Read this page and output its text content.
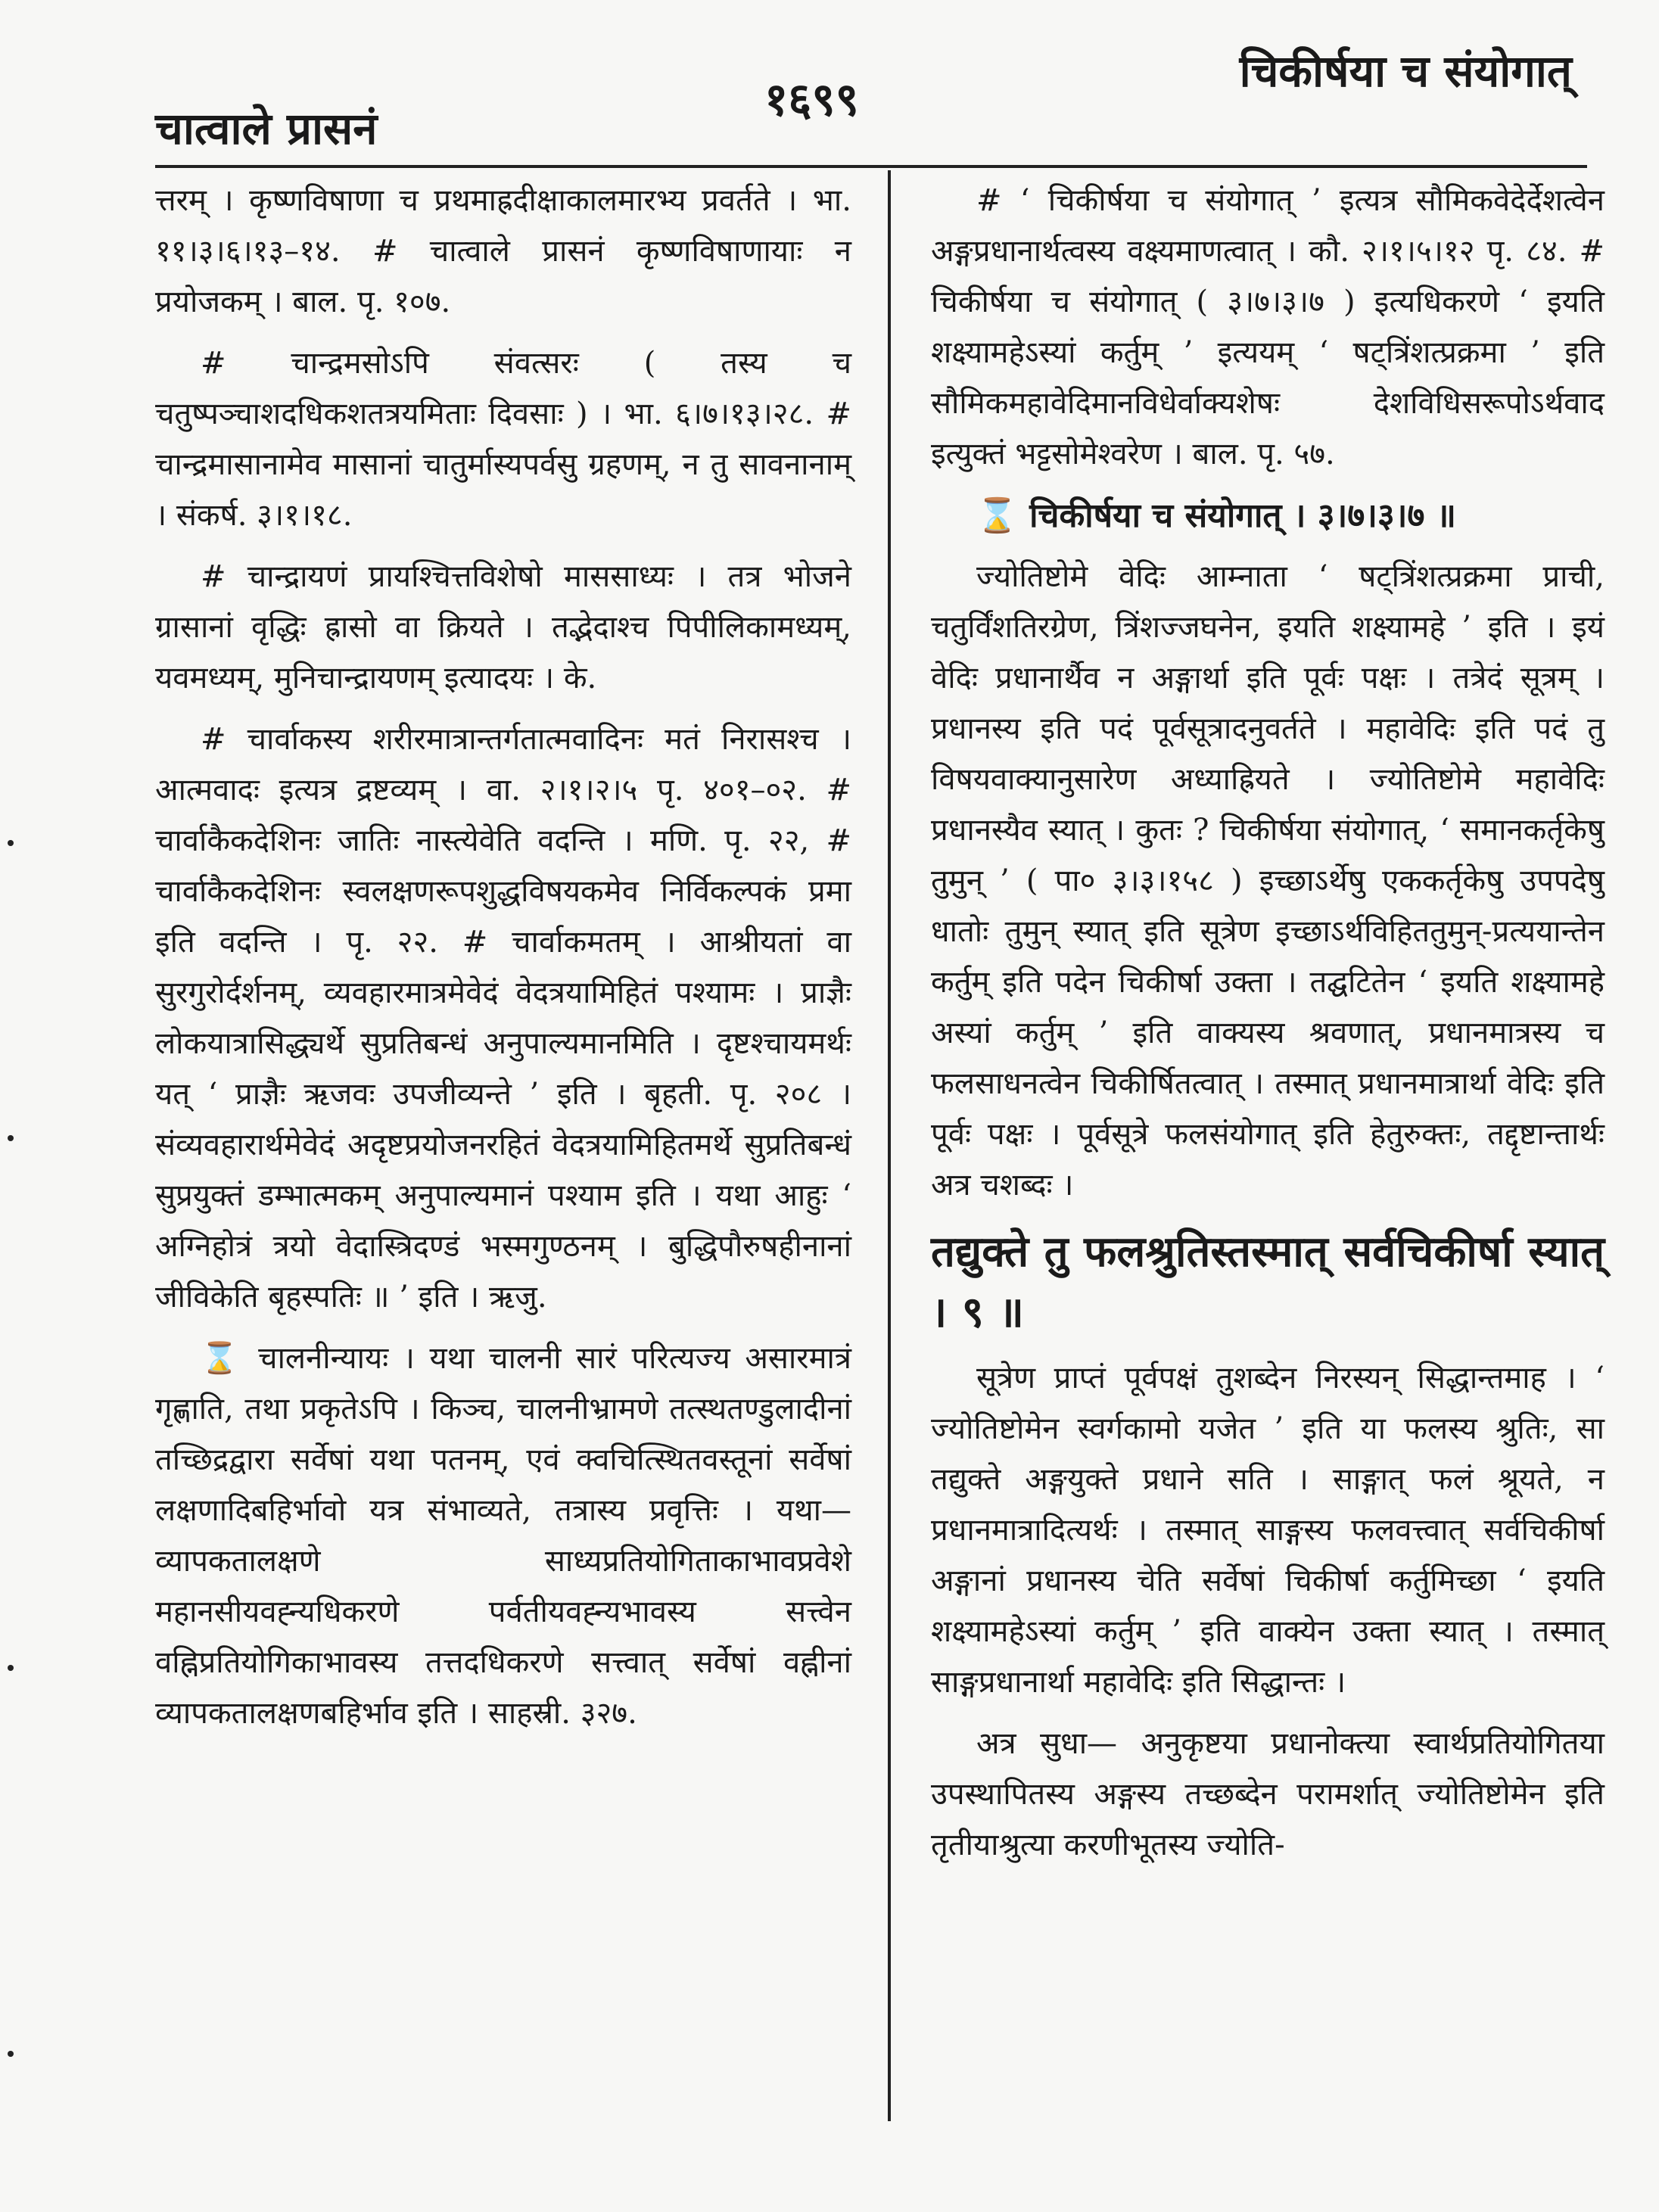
चात्वाले प्रासनं
१६९९
चिकीर्षया च संयोगात्

त्तरम् । कृष्णविषाणा च प्रथमाह्रदीक्षाकालमारभ्य प्रवर्तते । भा. ११।३।६।१३–१४. # चात्वाले प्रासनं कृष्णविषाणायाः न प्रयोजकम् । बाल. पृ. १०७.

# चान्द्रमसोऽपि संवत्सरः ( तस्य च चतुष्पञ्चाशदधिकशतत्रयमिताः दिवसाः ) । भा. ६।७।१३।२८. # चान्द्रमासानामेव मासानां चातुर्मास्यपर्वसु ग्रहणम्, न तु सावनानाम् । संकर्ष. ३।१।१८.

# चान्द्रायणं प्रायश्चित्तविशेषो माससाध्यः । तत्र भोजने ग्रासानां वृद्धिः ह्रासो वा क्रियते । तद्भेदाश्च पिपीलिकामध्यम्, यवमध्यम्, मुनिचान्द्रायणम् इत्यादयः । के.

# चार्वाकस्य शरीरमात्रान्तर्गतात्मवादिनः मतं निरासश्च । आत्मवादः इत्यत्र द्रष्टव्यम् । वा. २।१।२।५ पृ. ४०१–०२. # चार्वाकैकदेशिनः जातिः नास्त्येवेति वदन्ति । मणि. पृ. २२, # चार्वाकैकदेशिनः स्वलक्षणरूपशुद्धविषयकमेव निर्विकल्पकं प्रमा इति वदन्ति । पृ. २२. # चार्वाकमतम् । आश्रीयतां वा सुरगुरोर्दर्शनम्, व्यवहारमात्रमेवेदं वेदत्रयामिहितं पश्यामः । प्राज्ञैः लोकयात्रासिद्ध्यर्थे सुप्रतिबन्धं अनुपाल्यमानमिति । दृष्टश्चायमर्थः यत् ‘ प्राज्ञैः ऋजवः उपजीव्यन्ते ’ इति । बृहती. पृ. २०८ । संव्यवहारार्थमेवेदं अदृष्टप्रयोजनरहितं वेदत्रयामिहितमर्थे सुप्रतिबन्धं सुप्रयुक्तं डम्भात्मकम् अनुपाल्यमानं पश्याम इति । यथा आहुः ‘ अग्निहोत्रं त्रयो वेदास्त्रिदण्डं भस्मगुण्ठनम् । बुद्धिपौरुषहीनानां जीविकेति बृहस्पतिः ॥ ’ इति । ऋजु.

⌛ चालनीन्यायः । यथा चालनी सारं परित्यज्य असारमात्रं गृह्णाति, तथा प्रकृतेऽपि । किञ्च, चालनीभ्रामणे तत्स्थतण्डुलादीनां तच्छिद्रद्वारा सर्वेषां यथा पतनम्, एवं क्वचित्स्थितवस्तूनां सर्वेषां लक्षणादिबहिर्भावो यत्र संभाव्यते, तत्रास्य प्रवृत्तिः । यथा—व्यापकतालक्षणे साध्यप्रतियोगिताकाभावप्रवेशे महानसीयवह्न्यधिकरणे पर्वतीयवह्न्यभावस्य सत्त्वेन वह्निप्रतियोगिकाभावस्य तत्तदधिकरणे सत्त्वात् सर्वेषां वह्नीनां व्यापकतालक्षणबहिर्भाव इति । साहस्री. ३२७.

# ‘ चिकीर्षया च संयोगात् ’ इत्यत्र सौमिकवेदेर्देशत्वेन अङ्गप्रधानार्थत्वस्य वक्ष्यमाणत्वात् । कौ. २।१।५।१२ पृ. ८४. # चिकीर्षया च संयोगात् ( ३।७।३।७ ) इत्यधिकरणे ‘ इयति शक्ष्यामहेऽस्यां कर्तुम् ’ इत्ययम् ‘ षट्त्रिंशत्प्रक्रमा ’ इति सौमिकमहावेदिमानविधेर्वाक्यशेषः देशविधिसरूपोऽर्थवाद इत्युक्तं भट्टसोमेश्वरेण । बाल. पृ. ५७.

⌛ चिकीर्षया च संयोगात् । ३।७।३।७ ॥

ज्योतिष्टोमे वेदिः आम्नाता ‘ षट्त्रिंशत्प्रक्रमा प्राची, चतुर्विंशतिरग्रेण, त्रिंशज्जघनेन, इयति शक्ष्यामहे ’ इति । इयं वेदिः प्रधानार्थैव न अङ्गार्था इति पूर्वः पक्षः । तत्रेदं सूत्रम् । प्रधानस्य इति पदं पूर्वसूत्रादनुवर्तते । महावेदिः इति पदं तु विषयवाक्यानुसारेण अध्याह्रियते । ज्योतिष्टोमे महावेदिः प्रधानस्यैव स्यात् । कुतः ? चिकीर्षया संयोगात्, ‘ समानकर्तृकेषु तुमुन् ’ ( पा० ३।३।१५८ ) इच्छाऽर्थेषु एककर्तृकेषु उपपदेषु धातोः तुमुन् स्यात् इति सूत्रेण इच्छाऽर्थविहिततुमुन्-प्रत्ययान्तेन कर्तुम् इति पदेन चिकीर्षा उक्ता । तद्घटितेन ‘ इयति शक्ष्यामहे अस्यां कर्तुम् ’ इति वाक्यस्य श्रवणात्, प्रधानमात्रस्य च फलसाधनत्वेन चिकीर्षितत्वात् । तस्मात् प्रधानमात्रार्था वेदिः इति पूर्वः पक्षः । पूर्वसूत्रे फलसंयोगात् इति हेतुरुक्तः, तद्दृष्टान्तार्थः अत्र चशब्दः ।

तद्युक्ते तु फलश्रुतिस्तस्मात् सर्वचिकीर्षा स्यात् । ९ ॥

सूत्रेण प्राप्तं पूर्वपक्षं तुशब्देन निरस्यन् सिद्धान्तमाह । ‘ ज्योतिष्टोमेन स्वर्गकामो यजेत ’ इति या फलस्य श्रुतिः, सा तद्युक्ते अङ्गयुक्ते प्रधाने सति । साङ्गात् फलं श्रूयते, न प्रधानमात्रादित्यर्थः । तस्मात् साङ्गस्य फलवत्त्वात् सर्वचिकीर्षा अङ्गानां प्रधानस्य चेति सर्वेषां चिकीर्षा कर्तुमिच्छा ‘ इयति शक्ष्यामहेऽस्यां कर्तुम् ’ इति वाक्येन उक्ता स्यात् । तस्मात् साङ्गप्रधानार्था महावेदिः इति सिद्धान्तः ।

अत्र सुधा— अनुकृष्टया प्रधानोक्त्या स्वार्थप्रतियोगितया उपस्थापितस्य अङ्गस्य तच्छब्देन परामर्शात् ज्योतिष्टोमेन इति तृतीयाश्रुत्या करणीभूतस्य ज्योति-
